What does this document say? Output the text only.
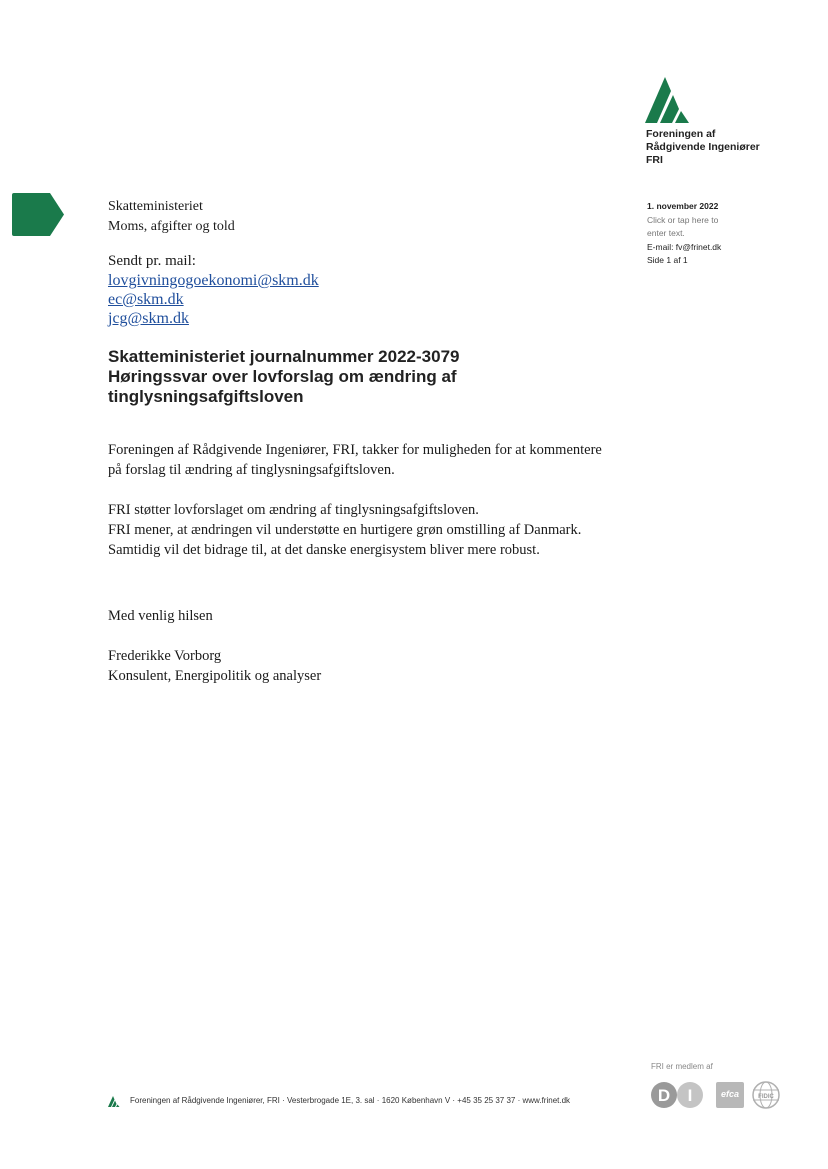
Foreningen af
Rådgivende Ingeniører
FRI
Skatteministeriet
Moms, afgifter og told
Sendt pr. mail:
lovgivningogoekonomi@skm.dk
ec@skm.dk
jcg@skm.dk
1. november 2022
Click or tap here to
enter text.
E-mail: fv@frinet.dk
Side 1 af 1
Skatteministeriet journalnummer 2022-3079
Høringssvar over lovforslag om ændring af
tinglysningsafgiftsloven

Foreningen af Rådgivende Ingeniører, FRI, takker for muligheden for at kommentere på forslag til ændring af tinglysningsafgiftsloven.

FRI støtter lovforslaget om ændring af tinglysningsafgiftsloven.
FRI mener, at ændringen vil understøtte en hurtigere grøn omstilling af Danmark. Samtidig vil det bidrage til, at det danske energisystem bliver mere robust.

Med venlig hilsen
Frederikke Vorborg
Konsulent, Energipolitik og analyser
FRI er medlem af
Foreningen af Rådgivende Ingeniører, FRI · Vesterbrogade 1E, 3. sal · 1620 København V · +45 35 25 37 37 · www.frinet.dk	D I	efca	FIDIC
